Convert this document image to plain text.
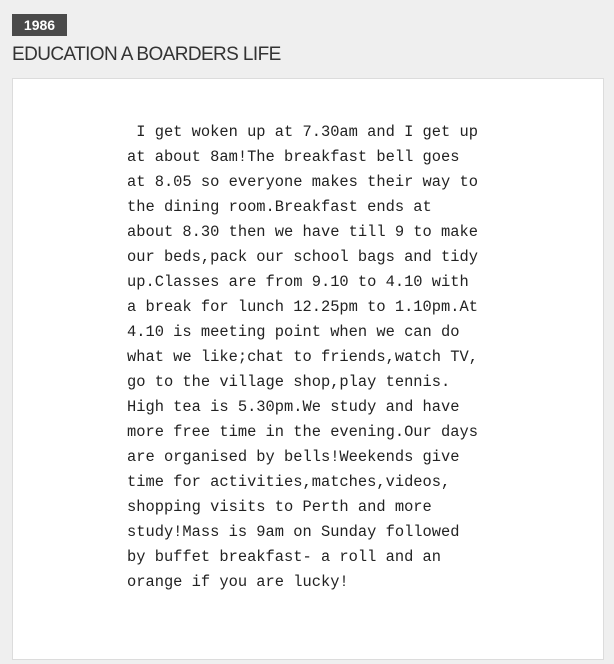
1986
EDUCATION A BOARDERS LIFE

I get woken up at 7.30am and I get up
at about 8am!The breakfast bell goes
at 8.05 so everyone makes their way to
the dining room.Breakfast ends at
about 8.30 then we have till 9 to make
our beds,pack our school bags and tidy
up.Classes are from 9.10 to 4.10 with
a break for lunch 12.25pm to 1.10pm.At
4.10 is meeting point when we can do
what we like;chat to friends,watch TV,
go to the village shop,play tennis.
High tea is 5.30pm.We study and have
more free time in the evening.Our days
are organised by bells!Weekends give
time for activities,matches,videos,
shopping visits to Perth and more
study!Mass is 9am on Sunday followed
by buffet breakfast- a roll and an
orange if you are lucky!
